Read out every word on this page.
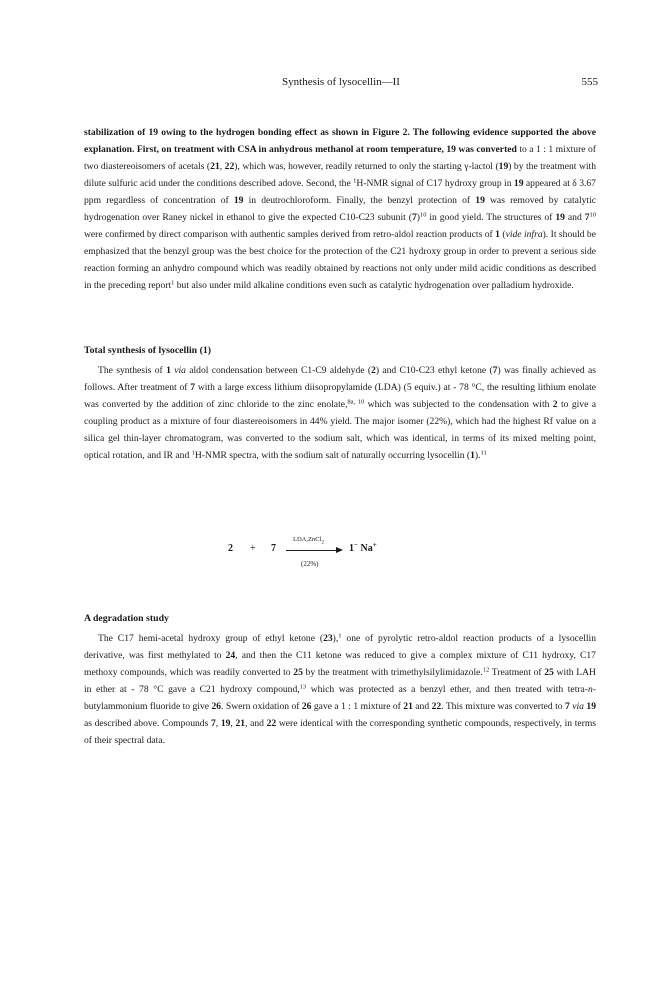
Synthesis of lysocellin—II	555

stabilization of 19 owing to the hydrogen bonding effect as shown in Figure 2. The following evidence supported the above explanation. First, on treatment with CSA in anhydrous methanol at room temperature, 19 was converted to a 1 : 1 mixture of two diastereoisomers of acetals (21, 22), which was, however, readily returned to only the starting γ-lactol (19) by the treatment with dilute sulfuric acid under the conditions described adove. Second, the $^1$H-NMR signal of C17 hydroxy group in 19 appeared at δ 3.67 ppm regardless of concentration of 19 in deutrochloroform. Finally, the benzyl protection of 19 was removed by catalytic hydrogenation over Raney nickel in ethanol to give the expected C10-C23 subunit $(7)^{10}$ in good yield. The structures of 19 and $7^{10}$ were confirmed by direct comparison with authentic samples derived from retro-aldol reaction products of 1 (vide infra). It should be emphasized that the benzyl group was the best choice for the protection of the C21 hydroxy group in order to prevent a serious side reaction forming an anhydro compound which was readily obtained by reactions not only under mild acidic conditions as described in the preceding report$^1$ but also under mild alkaline conditions even such as catalytic hydrogenation over palladium hydroxide.

Total synthesis of lysocellin (1)

The synthesis of 1 via aldol condensation between C1-C9 aldehyde (2) and C10-C23 ethyl ketone (7) was finally achieved as follows. After treatment of 7 with a large excess lithium diisopropylamide (LDA) (5 equiv.) at - 78 °C, the resulting lithium enolate was converted by the addition of zinc chloride to the zinc enolate,$^{8a, 10}$ which was subjected to the condensation with 2 to give a coupling product as a mixture of four diastereoisomers in 44% yield. The major isomer (22%), which had the highest Rf value on a silica gel thin-layer chromatogram, was converted to the sodium salt, which was identical, in terms of its mixed melting point, optical rotation, and IR and $^1$H-NMR spectra, with the sodium salt of naturally occurring lysocellin (1).$^{11}$

2 + 7
LDA,ZnCl$_2$
(22%)
1− Na+

A degradation study

The C17 hemi-acetal hydroxy group of ethyl ketone (23),$^1$ one of pyrolytic retro-aldol reaction products of a lysocellin derivative, was first methylated to 24, and then the C11 ketone was reduced to give a complex mixture of C11 hydroxy, C17 methoxy compounds, which was readily converted to 25 by the treatment with trimethylsilylimidazole.$^{12}$ Treatment of 25 with LAH in ether at - 78 °C gave a C21 hydroxy compound,$^{13}$ which was protected as a benzyl ether, and then treated with tetra-n-butylammonium fluoride to give 26. Swern oxidation of 26 gave a 1 : 1 mixture of 21 and 22. This mixture was converted to 7 via 19 as described above. Compounds 7, 19, 21, and 22 were identical with the corresponding synthetic compounds, respectively, in terms of their spectral data.
